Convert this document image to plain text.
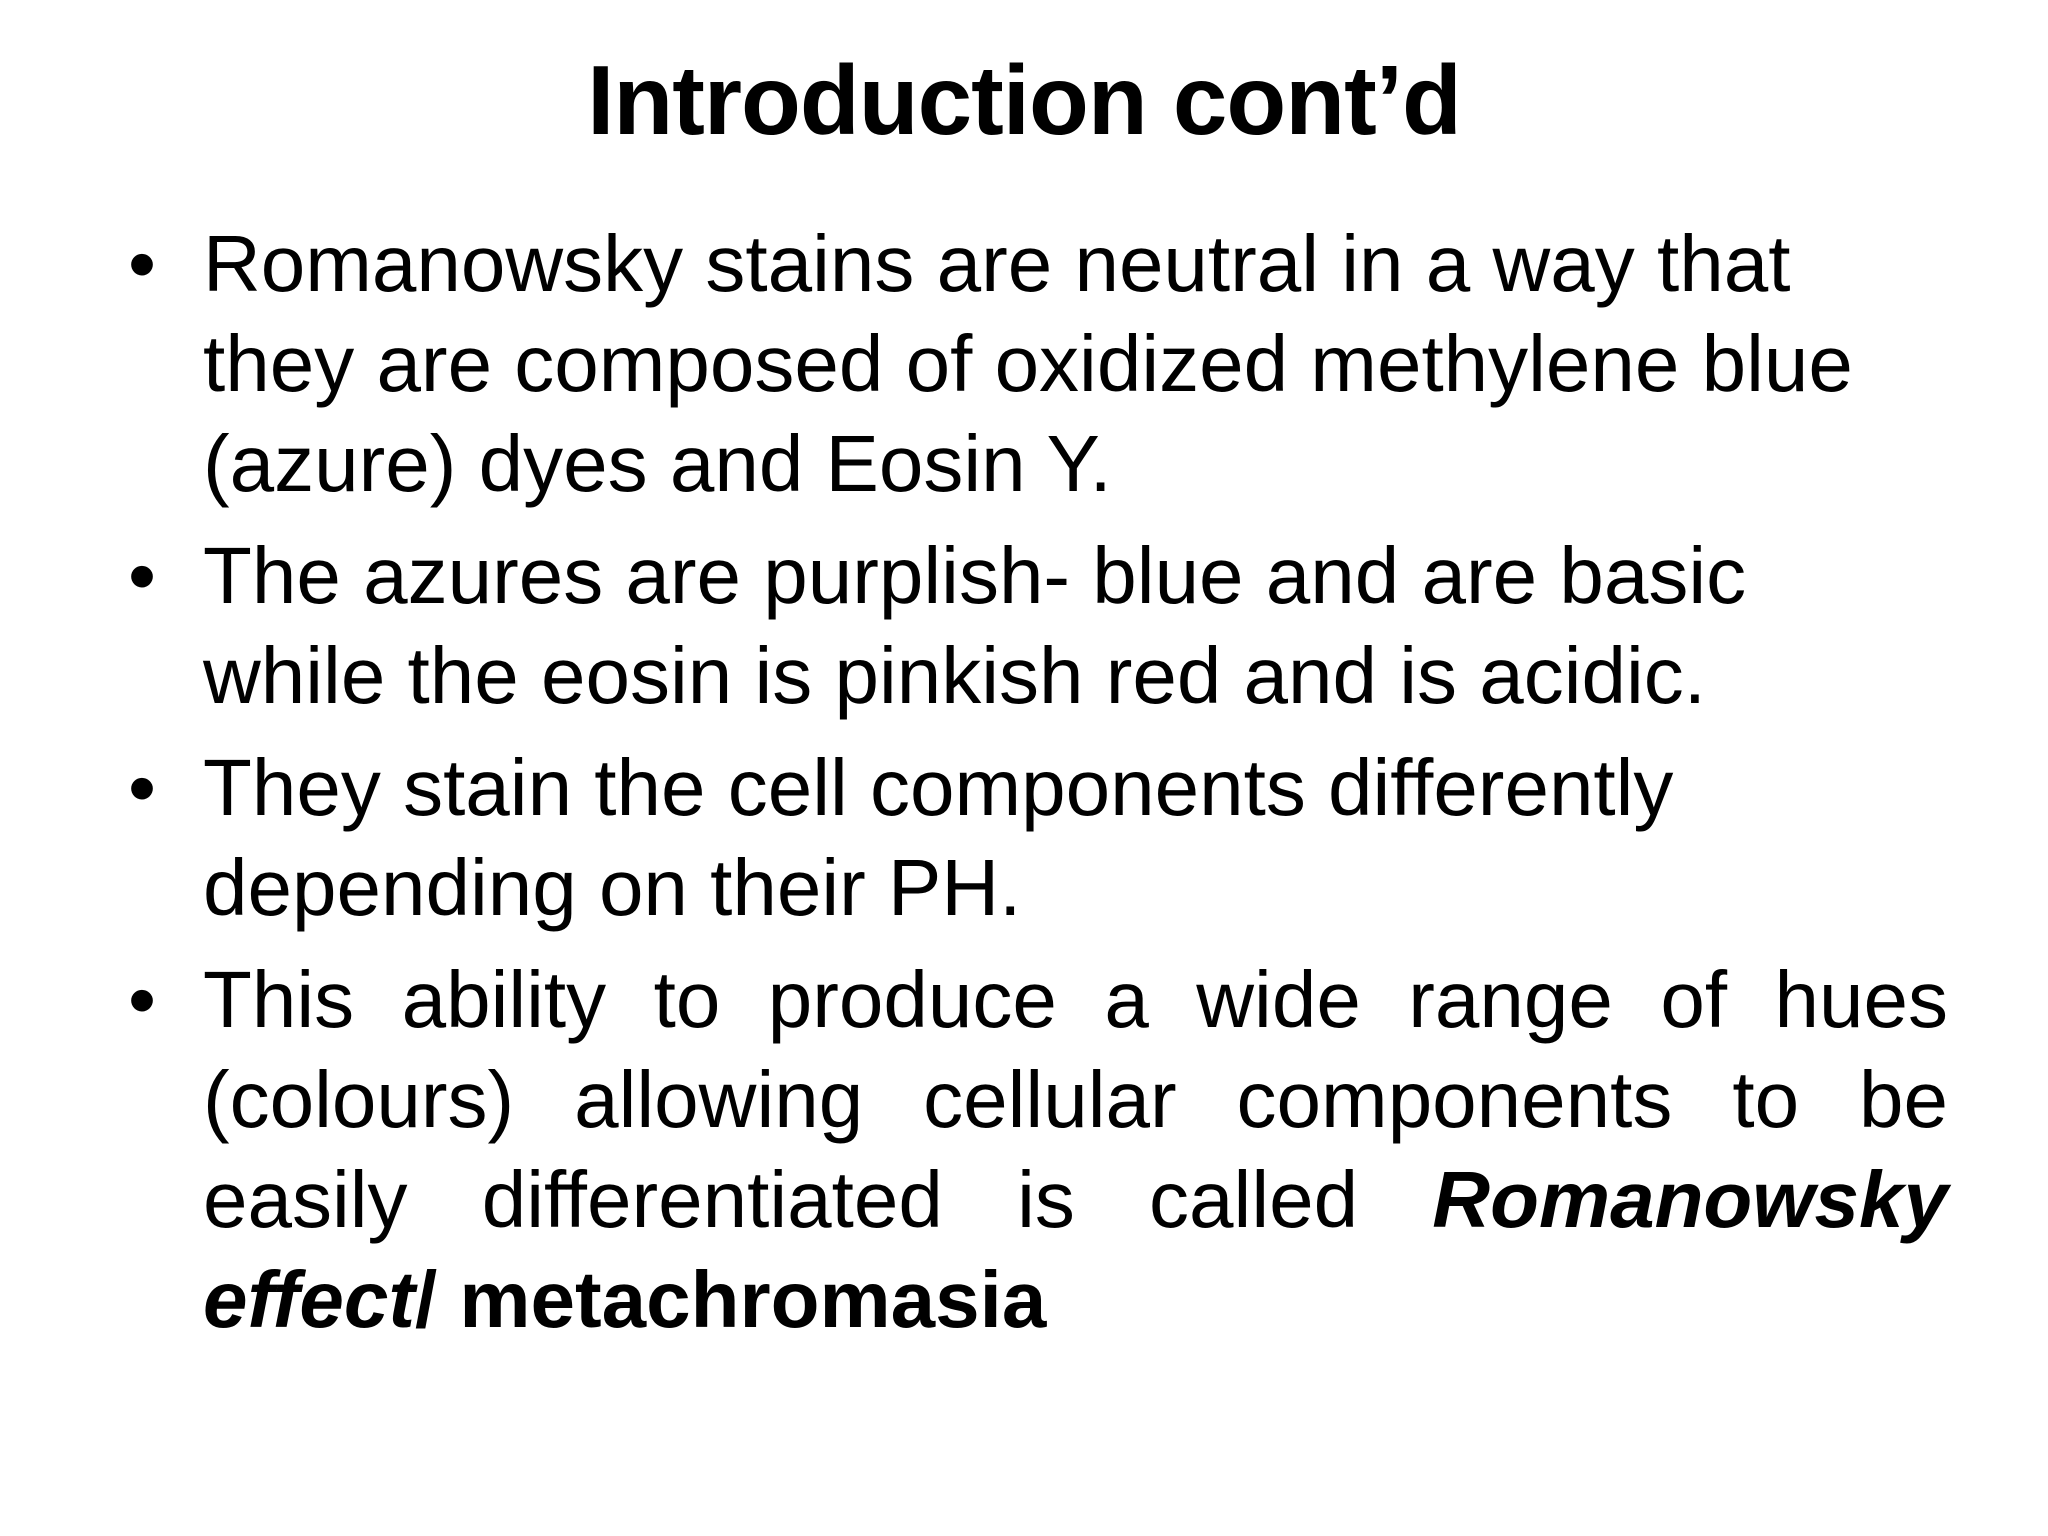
Introduction cont’d
• Romanowsky stains are neutral in a way that they are composed of oxidized methylene blue (azure) dyes and Eosin Y.
• The azures are purplish- blue and are basic while the eosin is pinkish red and is acidic.
• They stain the cell components differently depending on their PH.
• This ability to produce a wide range of hues (colours) allowing cellular components to be easily differentiated is called Romanowsky effect/ metachromasia
